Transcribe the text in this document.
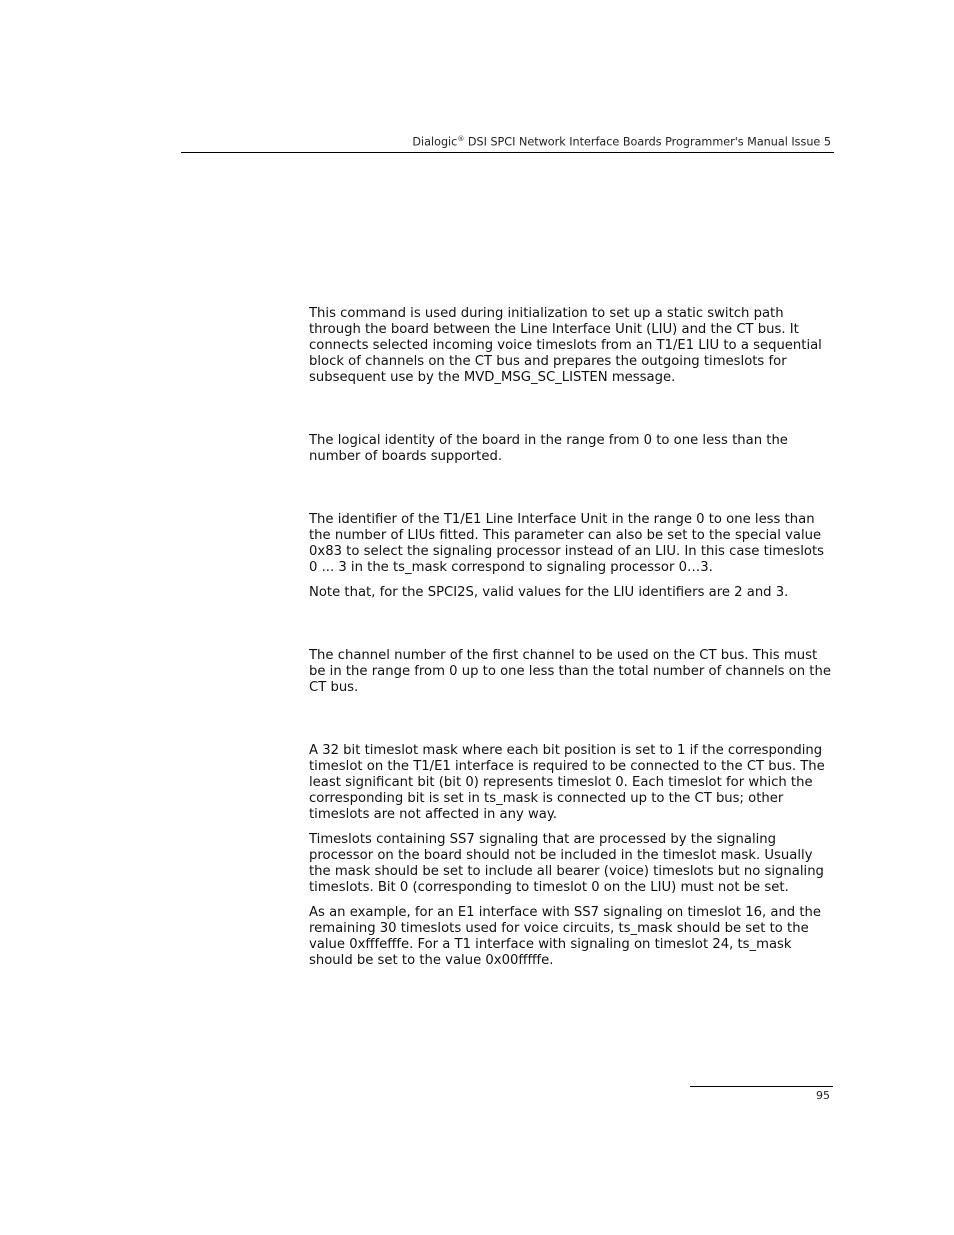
Dialogic® DSI SPCI Network Interface Boards Programmer's Manual Issue 5

This command is used during initialization to set up a static switch path through the board between the Line Interface Unit (LIU) and the CT bus. It connects selected incoming voice timeslots from an T1/E1 LIU to a sequential block of channels on the CT bus and prepares the outgoing timeslots for subsequent use by the MVD_MSG_SC_LISTEN message.

The logical identity of the board in the range from 0 to one less than the number of boards supported.

The identifier of the T1/E1 Line Interface Unit in the range 0 to one less than the number of LIUs fitted. This parameter can also be set to the special value 0x83 to select the signaling processor instead of an LIU. In this case timeslots 0 ... 3 in the ts_mask correspond to signaling processor 0…3.

Note that, for the SPCI2S, valid values for the LIU identifiers are 2 and 3.

The channel number of the first channel to be used on the CT bus. This must be in the range from 0 up to one less than the total number of channels on the CT bus.

A 32 bit timeslot mask where each bit position is set to 1 if the corresponding timeslot on the T1/E1 interface is required to be connected to the CT bus. The least significant bit (bit 0) represents timeslot 0. Each timeslot for which the corresponding bit is set in ts_mask is connected up to the CT bus; other timeslots are not affected in any way.

Timeslots containing SS7 signaling that are processed by the signaling processor on the board should not be included in the timeslot mask. Usually the mask should be set to include all bearer (voice) timeslots but no signaling timeslots. Bit 0 (corresponding to timeslot 0 on the LIU) must not be set.

As an example, for an E1 interface with SS7 signaling on timeslot 16, and the remaining 30 timeslots used for voice circuits, ts_mask should be set to the value 0xfffefffe. For a T1 interface with signaling on timeslot 24, ts_mask should be set to the value 0x00fffffe.

95
